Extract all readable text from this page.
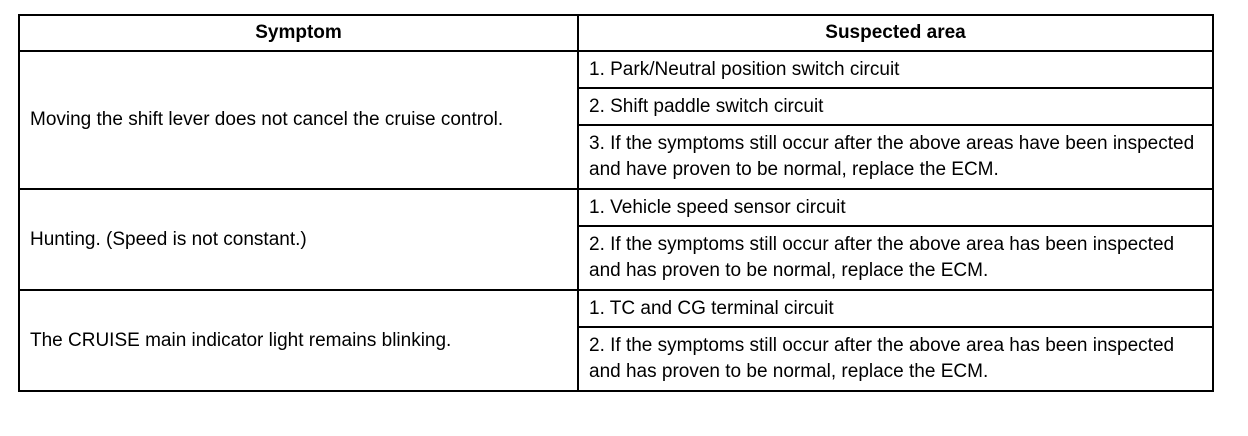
Symptom	Suspected area
Moving the shift lever does not cancel the cruise control.	1. Park/Neutral position switch circuit
	2. Shift paddle switch circuit
	3. If the symptoms still occur after the above areas have been inspected and have proven to be normal, replace the ECM.
Hunting. (Speed is not constant.)	1. Vehicle speed sensor circuit
	2. If the symptoms still occur after the above area has been inspected and has proven to be normal, replace the ECM.
The CRUISE main indicator light remains blinking.	1. TC and CG terminal circuit
	2. If the symptoms still occur after the above area has been inspected and has proven to be normal, replace the ECM.
